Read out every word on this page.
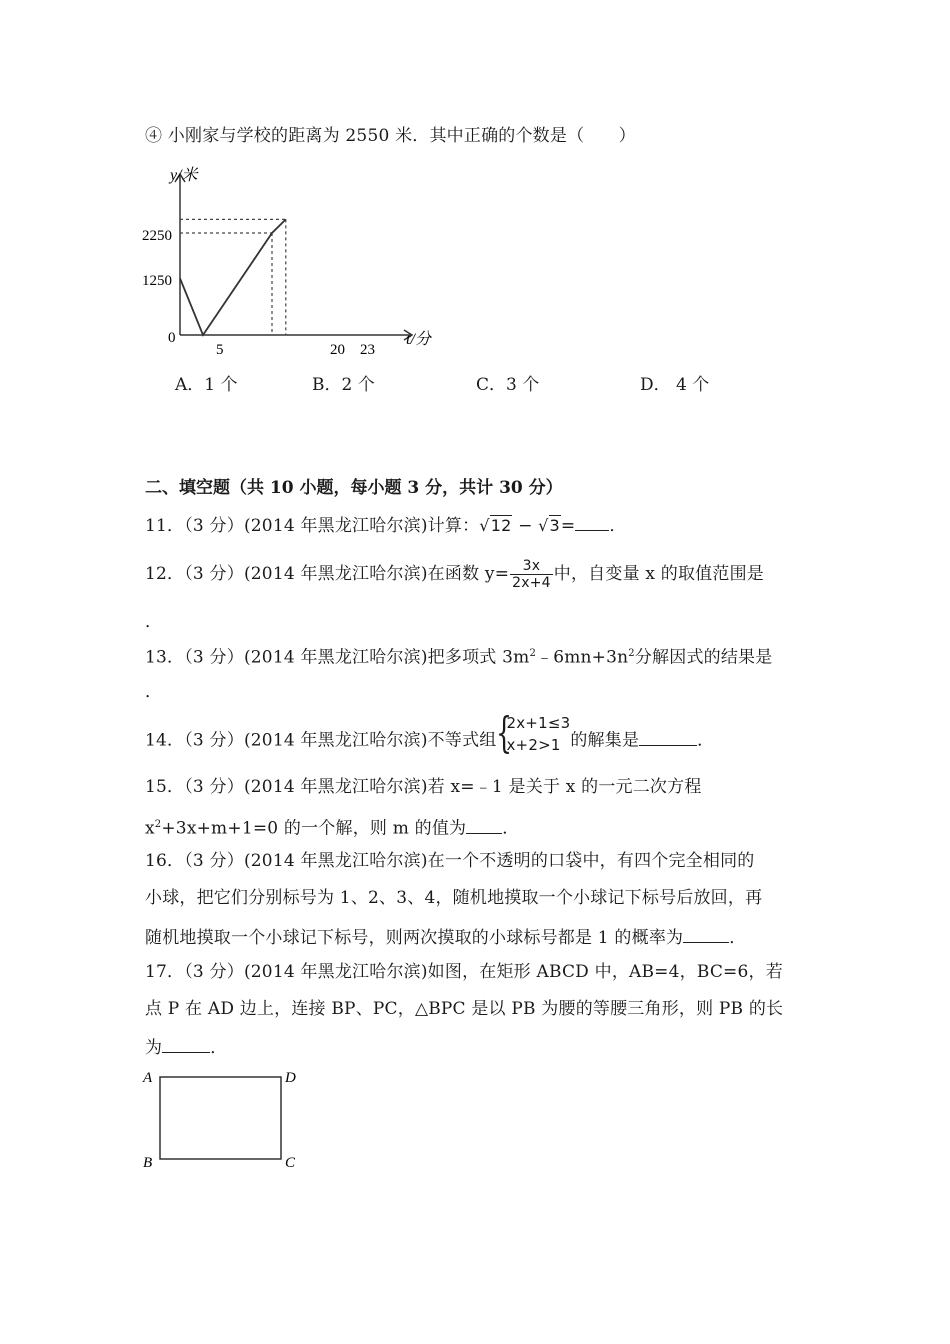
④ 小刚家与学校的距离为 2550 米．其中正确的个数是（　　）
y/米
t/分
2250
1250
0
5	20 23
A．1 个	B．2 个	C．3 个	D． 4 个
二、填空题（共 10 小题，每小题 3 分，共计 30 分）
11．（3 分）(2014 年黑龙江哈尔滨)计算：√12 − √3= ．
12．（3 分）(2014 年黑龙江哈尔滨)在函数 $y= \frac{3x}{2x+4}$ 中，自变量 x 的取值范围是
．
13．（3 分）(2014 年黑龙江哈尔滨)把多项式 $3m^2﹣6mn+3n^2$分解因式的结果是
．
14．（3 分）(2014 年黑龙江哈尔滨)不等式组 {
2x+1≤3
x+2>1 的解集是	．
15．（3 分）(2014 年黑龙江哈尔滨)若 x=﹣1 是关于 x 的一元二次方程
$x^2+3x+m+1=0$ 的一个解，则 m 的值为 ．
16．（3 分）(2014 年黑龙江哈尔滨)在一个不透明的口袋中，有四个完全相同的
小球，把它们分别标号为 1、2、3、4，随机地摸取一个小球记下标号后放回，再
随机地摸取一个小球记下标号，则两次摸取的小球标号都是 1 的概率为	．
17．（3 分）(2014 年黑龙江哈尔滨)如图，在矩形 ABCD 中，AB=4，BC=6，若
点 P 在 AD 边上，连接 BP、PC，△BPC 是以 PB 为腰的等腰三角形，则 PB 的长
为	．
A	D
B	C
